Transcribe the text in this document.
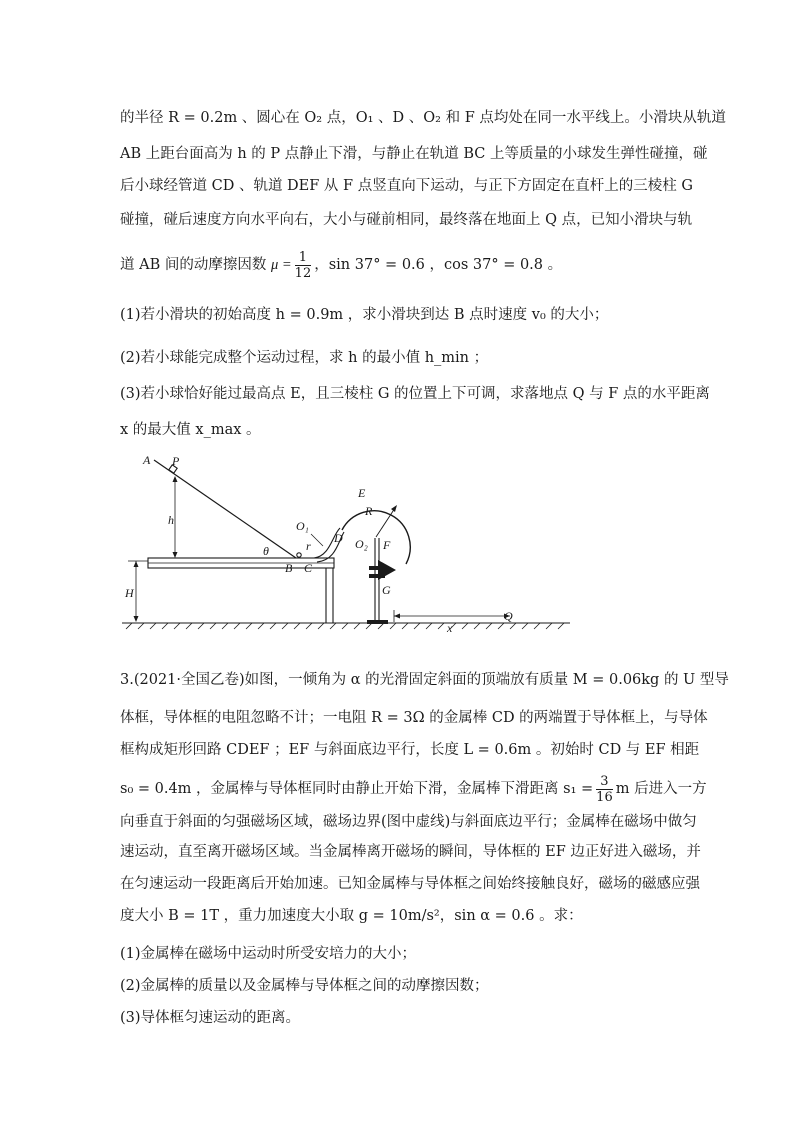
的半径 R = 0.2m 、圆心在 O₂ 点，O₁ 、D 、O₂ 和 F 点均处在同一水平线上。小滑块从轨道
AB 上距台面高为 h 的 P 点静止下滑，与静止在轨道 BC 上等质量的小球发生弹性碰撞，碰
后小球经管道 CD 、轨道 DEF 从 F 点竖直向下运动，与正下方固定在直杆上的三棱柱 G
碰撞，碰后速度方向水平向右，大小与碰前相同，最终落在地面上 Q 点，已知小滑块与轨
道 AB 间的动摩擦因数 $\mu = \frac{1}{12}$ ，sin 37° = 0.6 ，cos 37° = 0.8 。
(1)若小滑块的初始高度 h = 0.9m ，求小滑块到达 B 点时速度 v₀ 的大小；
(2)若小球能完成整个运动过程，求 h 的最小值 h_min ；
(3)若小球恰好能过最高点 E，且三棱柱 G 的位置上下可调，求落地点 Q 与 F 点的水平距离
x 的最大值 x_max 。
A P
h
θ
B C
H
O₁
r
D
E
R
O₂ F
G
Q
x
3.(2021·全国乙卷)如图，一倾角为 α 的光滑固定斜面的顶端放有质量 M = 0.06kg 的 U 型导
体框，导体框的电阻忽略不计；一电阻 R = 3Ω 的金属棒 CD 的两端置于导体框上，与导体
框构成矩形回路 CDEF ；EF 与斜面底边平行，长度 L = 0.6m 。初始时 CD 与 EF 相距
s₀ = 0.4m ，金属棒与导体框同时由静止开始下滑，金属棒下滑距离 $s_1 = \frac{3}{16}$ m 后进入一方
向垂直于斜面的匀强磁场区域，磁场边界(图中虚线)与斜面底边平行；金属棒在磁场中做匀
速运动，直至离开磁场区域。当金属棒离开磁场的瞬间，导体框的 EF 边正好进入磁场，并
在匀速运动一段距离后开始加速。已知金属棒与导体框之间始终接触良好，磁场的磁感应强
度大小 B = 1T ，重力加速度大小取 g = 10m/s²，sin α = 0.6 。求：
(1)金属棒在磁场中运动时所受安培力的大小；
(2)金属棒的质量以及金属棒与导体框之间的动摩擦因数；
(3)导体框匀速运动的距离。
